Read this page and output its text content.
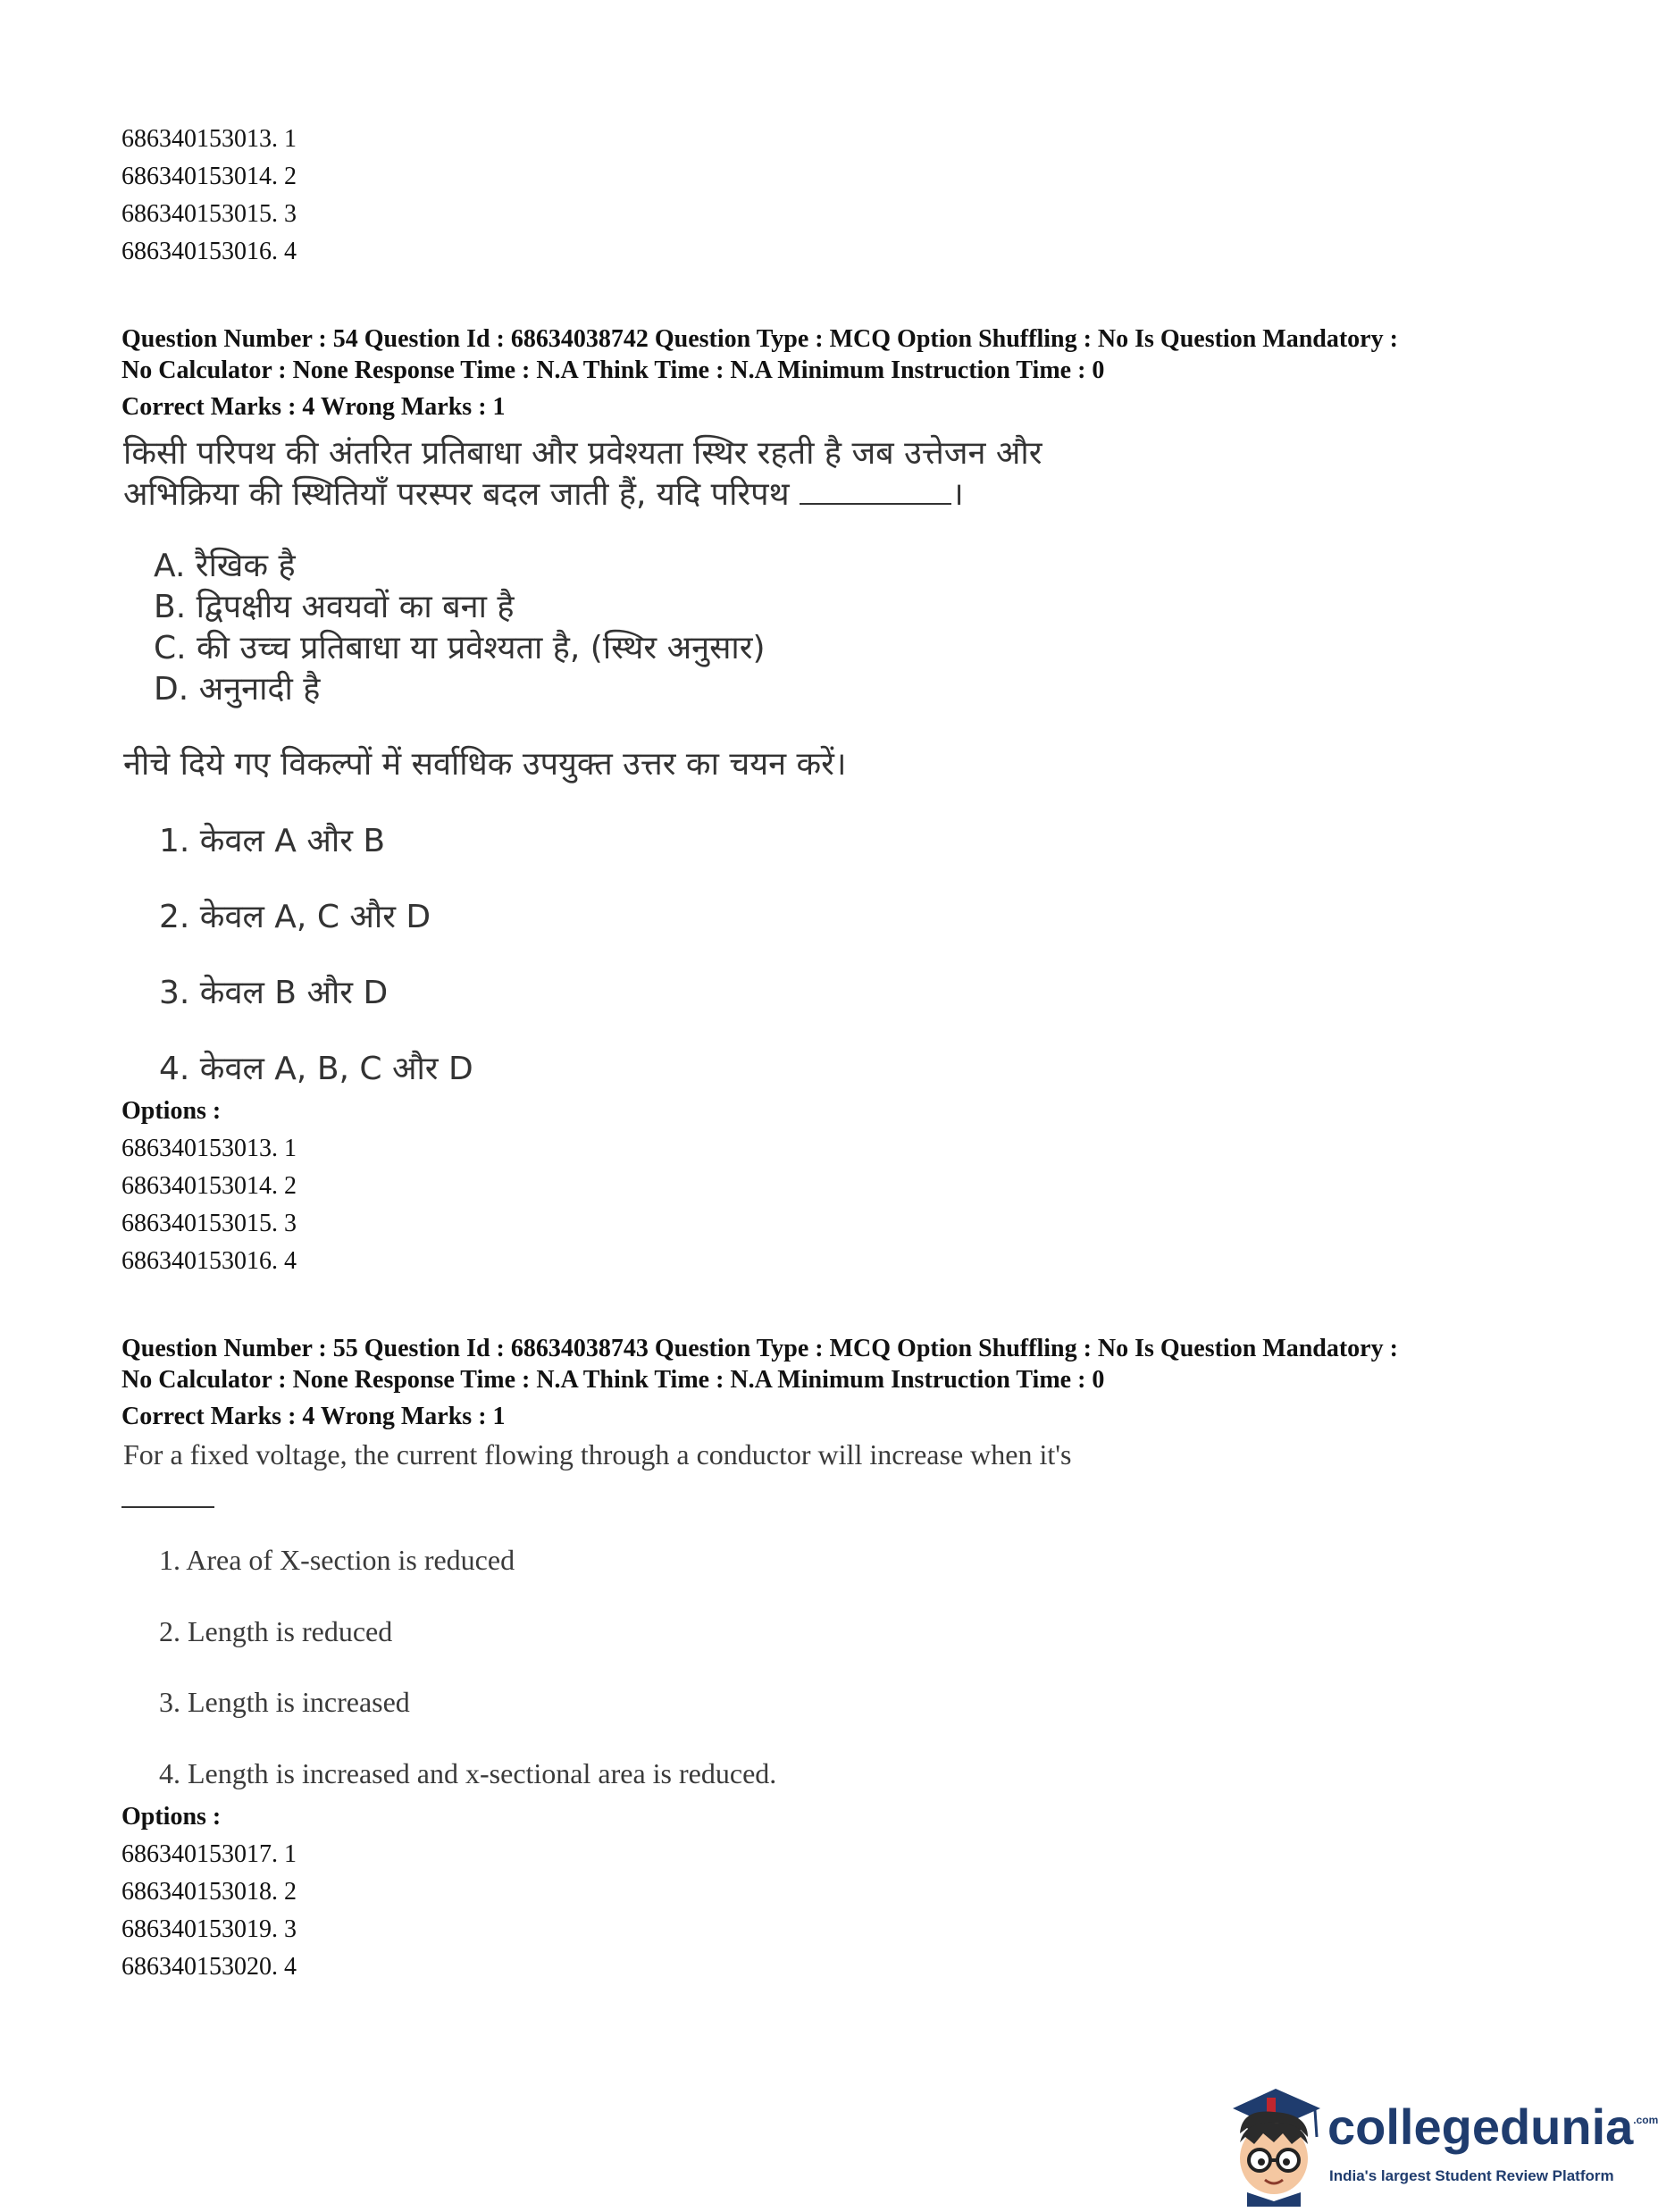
686340153013. 1
686340153014. 2
686340153015. 3
686340153016. 4
Question Number : 54 Question Id : 68634038742 Question Type : MCQ Option Shuffling : No Is Question Mandatory :
No Calculator : None Response Time : N.A Think Time : N.A Minimum Instruction Time : 0
Correct Marks : 4 Wrong Marks : 1
किसी परिपथ की अंतरित प्रतिबाधा और प्रवेश्यता स्थिर रहती है जब उत्तेजन और
अभिक्रिया की स्थितियाँ परस्पर बदल जाती हैं, यदि परिपथ	।
A. रैखिक है
B. द्विपक्षीय अवयवों का बना है
C. की उच्च प्रतिबाधा या प्रवेश्यता है, (स्थिर अनुसार)
D. अनुनादी है
नीचे दिये गए विकल्पों में सर्वाधिक उपयुक्त उत्तर का चयन करें।
1. केवल A और B
2. केवल A, C और D
3. केवल B और D
4. केवल A, B, C और D
Options :
686340153013. 1
686340153014. 2
686340153015. 3
686340153016. 4
Question Number : 55 Question Id : 68634038743 Question Type : MCQ Option Shuffling : No Is Question Mandatory :
No Calculator : None Response Time : N.A Think Time : N.A Minimum Instruction Time : 0
Correct Marks : 4 Wrong Marks : 1
For a fixed voltage, the current flowing through a conductor will increase when it's
1. Area of X-section is reduced
2. Length is reduced
3. Length is increased
4. Length is increased and x-sectional area is reduced.
Options :
686340153017. 1
686340153018. 2
686340153019. 3
686340153020. 4
collegedunia$^{.com}$
India's largest Student Review Platform
